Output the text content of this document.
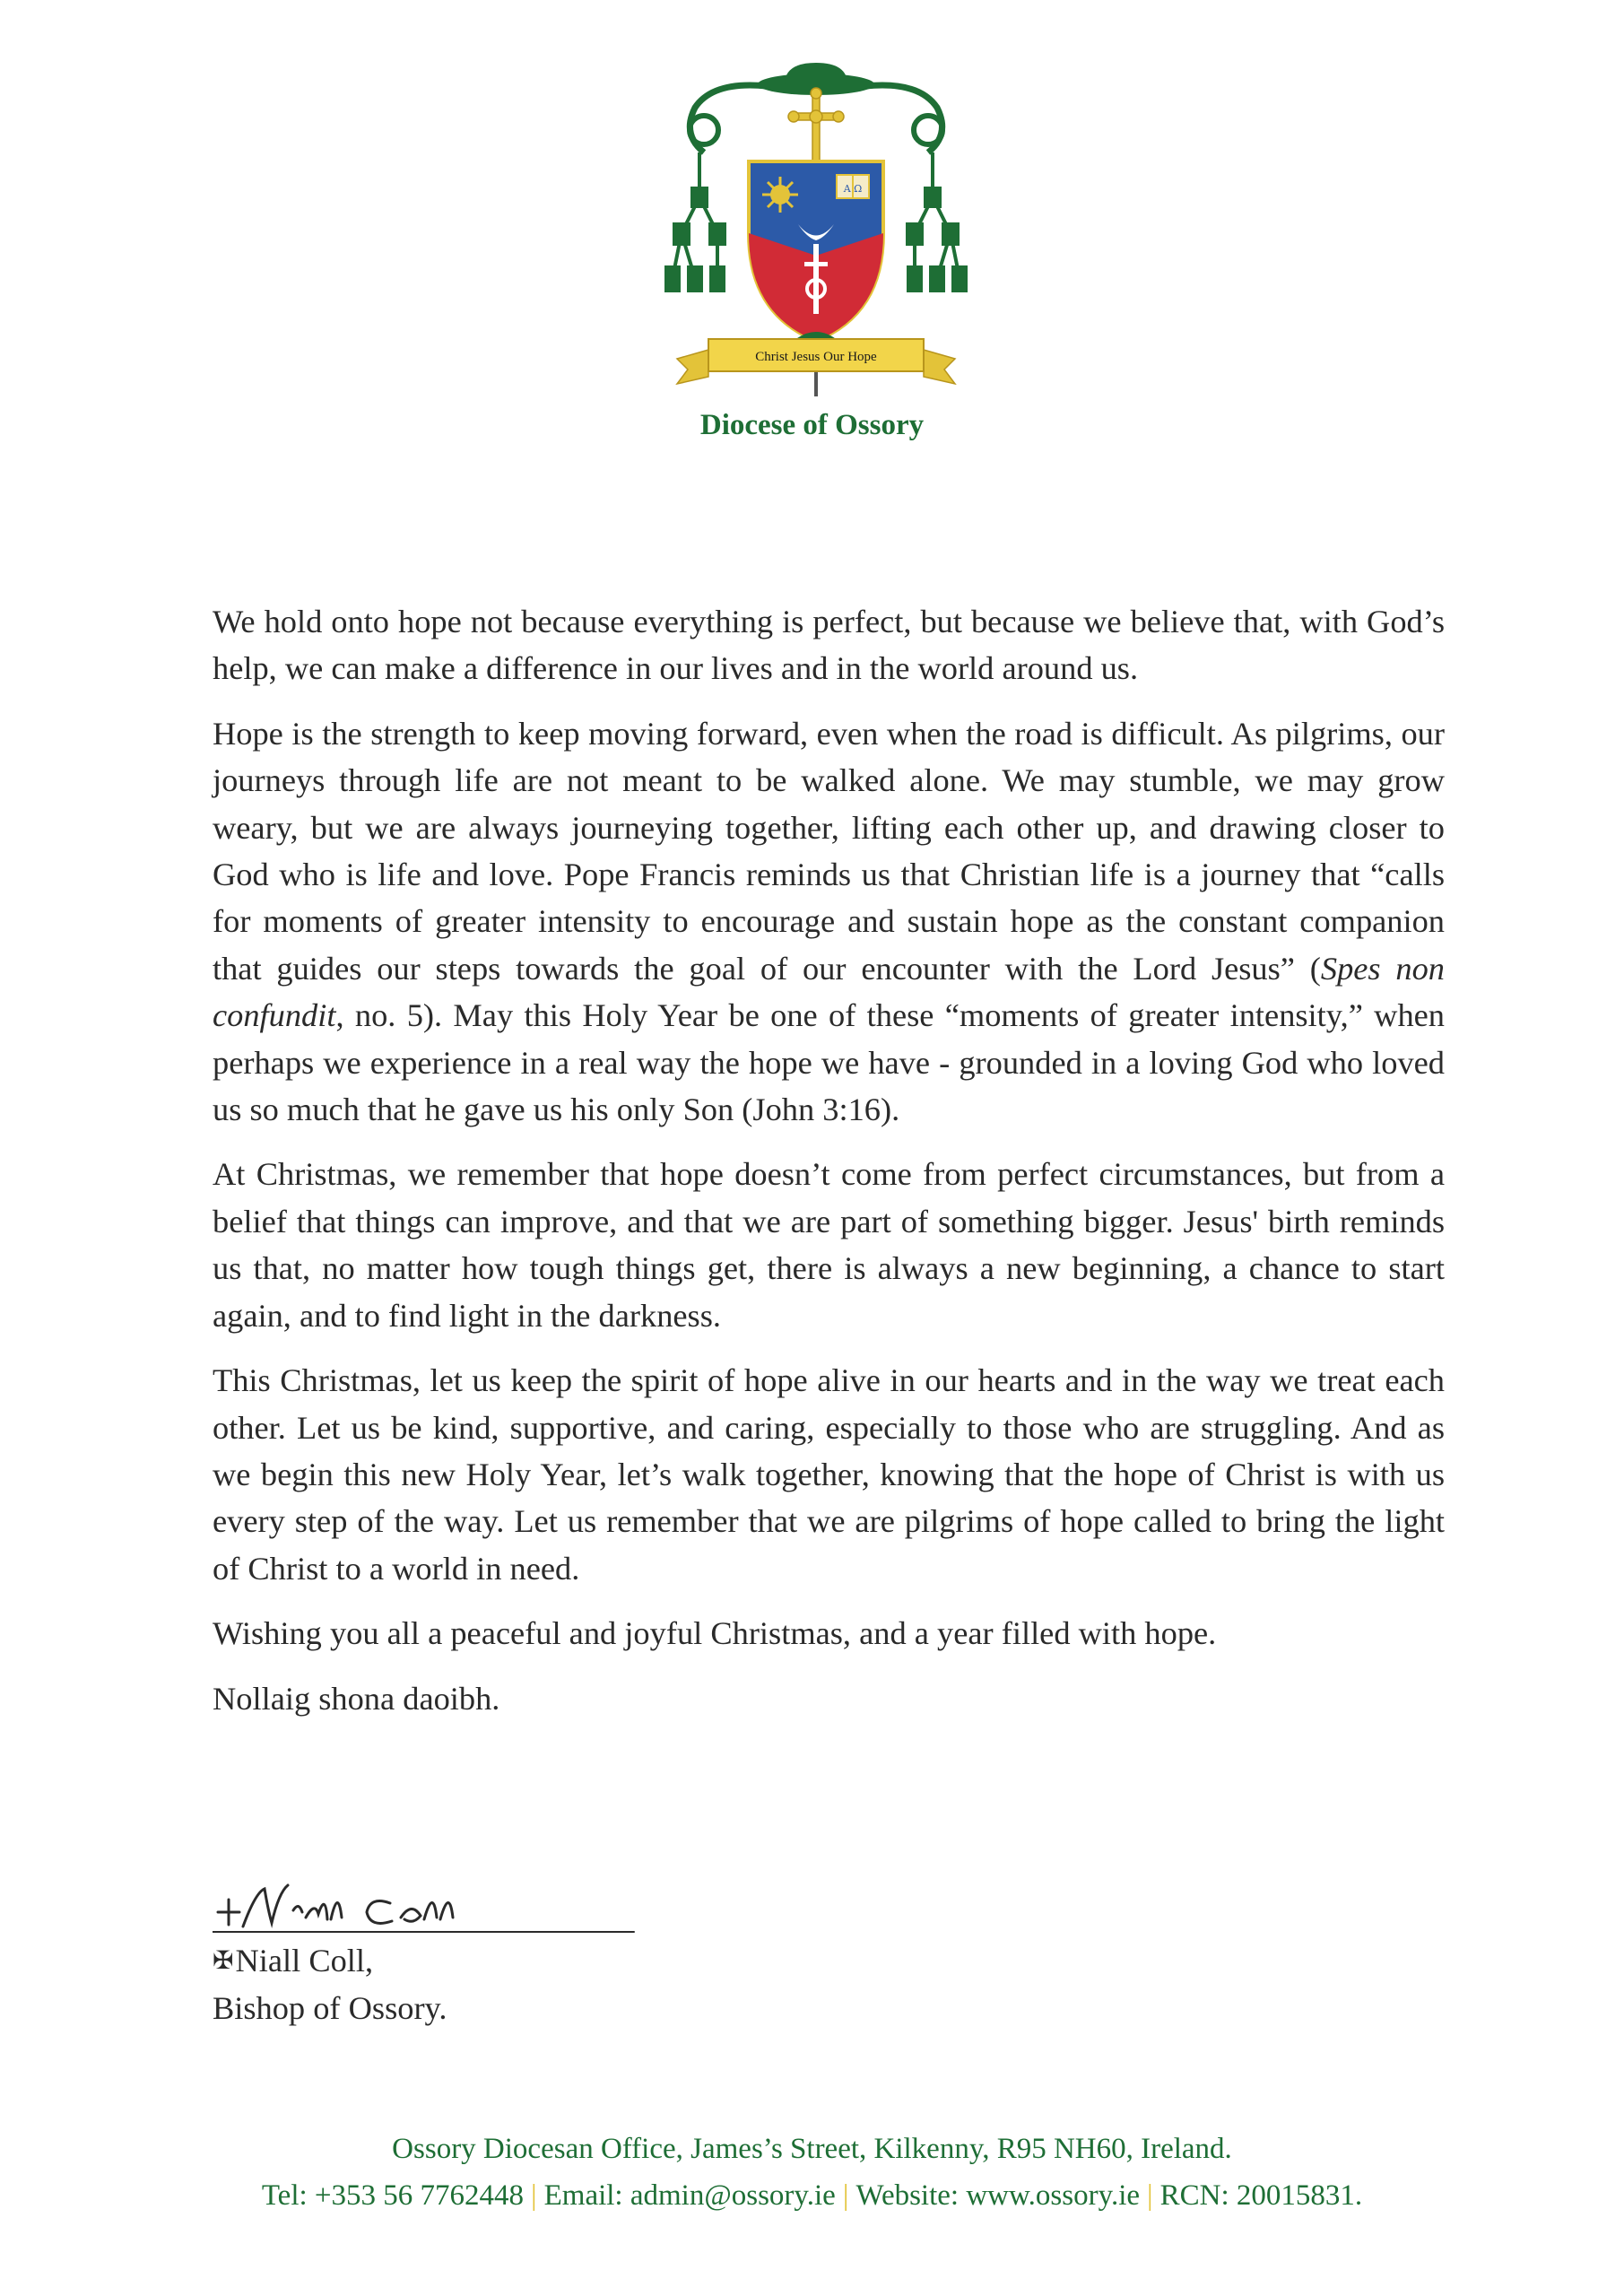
A Ω
Christ Jesus Our Hope
Diocese of Ossory

We hold onto hope not because everything is perfect, but because we believe that, with God’s help, we can make a difference in our lives and in the world around us.

Hope is the strength to keep moving forward, even when the road is difficult. As pilgrims, our journeys through life are not meant to be walked alone. We may stumble, we may grow weary, but we are always journeying together, lifting each other up, and drawing closer to God who is life and love. Pope Francis reminds us that Christian life is a journey that “calls for moments of greater intensity to encourage and sustain hope as the constant companion that guides our steps towards the goal of our encounter with the Lord Jesus” (Spes non confundit, no. 5). May this Holy Year be one of these “moments of greater intensity,” when perhaps we experience in a real way the hope we have - grounded in a loving God who loved us so much that he gave us his only Son (John 3:16).

At Christmas, we remember that hope doesn’t come from perfect circumstances, but from a belief that things can improve, and that we are part of something bigger. Jesus' birth reminds us that, no matter how tough things get, there is always a new beginning, a chance to start again, and to find light in the darkness.

This Christmas, let us keep the spirit of hope alive in our hearts and in the way we treat each other. Let us be kind, supportive, and caring, especially to those who are struggling. And as we begin this new Holy Year, let’s walk together, knowing that the hope of Christ is with us every step of the way. Let us remember that we are pilgrims of hope called to bring the light of Christ to a world in need.

Wishing you all a peaceful and joyful Christmas, and a year filled with hope.

Nollaig shona daoibh.

✠Niall Coll,
Bishop of Ossory.
Ossory Diocesan Office, James’s Street, Kilkenny, R95 NH60, Ireland.
Tel: +353 56 7762448 | Email: admin@ossory.ie | Website: www.ossory.ie | RCN: 20015831.
